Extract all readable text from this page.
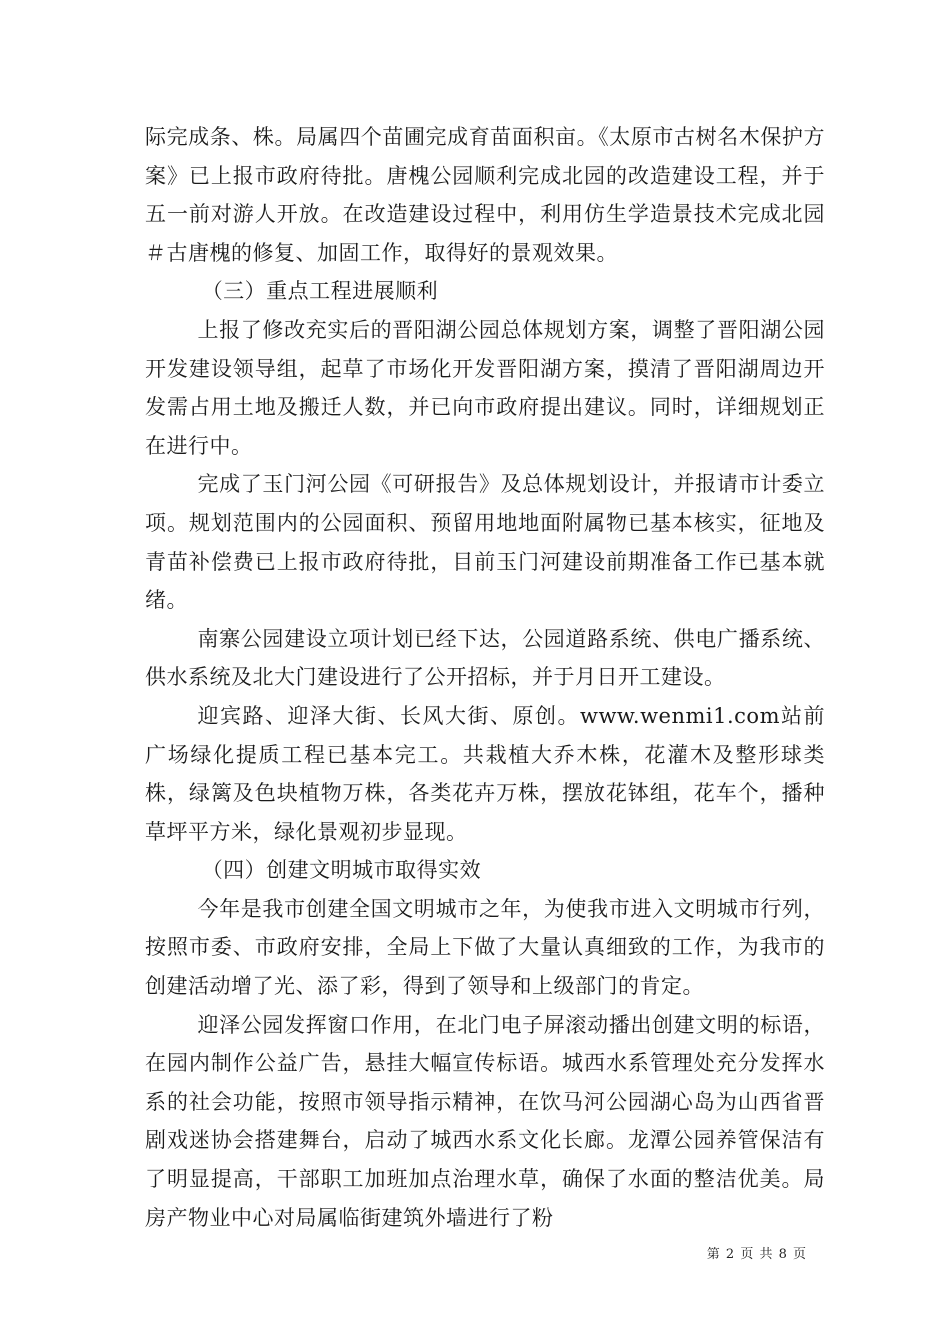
际完成条、株。局属四个苗圃完成育苗面积亩。《太原市古树名木保护方案》已上报市政府待批。唐槐公园顺利完成北园的改造建设工程，并于五一前对游人开放。在改造建设过程中，利用仿生学造景技术完成北园＃古唐槐的修复、加固工作，取得好的景观效果。

（三）重点工程进展顺利

上报了修改充实后的晋阳湖公园总体规划方案，调整了晋阳湖公园开发建设领导组，起草了市场化开发晋阳湖方案，摸清了晋阳湖周边开发需占用土地及搬迁人数，并已向市政府提出建议。同时，详细规划正在进行中。

完成了玉门河公园《可研报告》及总体规划设计，并报请市计委立项。规划范围内的公园面积、预留用地地面附属物已基本核实，征地及青苗补偿费已上报市政府待批，目前玉门河建设前期准备工作已基本就绪。

南寨公园建设立项计划已经下达，公园道路系统、供电广播系统、供水系统及北大门建设进行了公开招标，并于月日开工建设。

迎宾路、迎泽大街、长风大街、原创。www.wenmi1.com站前广场绿化提质工程已基本完工。共栽植大乔木株，花灌木及整形球类株，绿篱及色块植物万株，各类花卉万株，摆放花钵组，花车个，播种草坪平方米，绿化景观初步显现。

（四）创建文明城市取得实效

今年是我市创建全国文明城市之年，为使我市进入文明城市行列，按照市委、市政府安排，全局上下做了大量认真细致的工作，为我市的创建活动增了光、添了彩，得到了领导和上级部门的肯定。

迎泽公园发挥窗口作用，在北门电子屏滚动播出创建文明的标语，在园内制作公益广告，悬挂大幅宣传标语。城西水系管理处充分发挥水系的社会功能，按照市领导指示精神，在饮马河公园湖心岛为山西省晋剧戏迷协会搭建舞台，启动了城西水系文化长廊。龙潭公园养管保洁有了明显提高，干部职工加班加点治理水草，确保了水面的整洁优美。局房产物业中心对局属临街建筑外墙进行了粉

第 2 页 共 8 页
